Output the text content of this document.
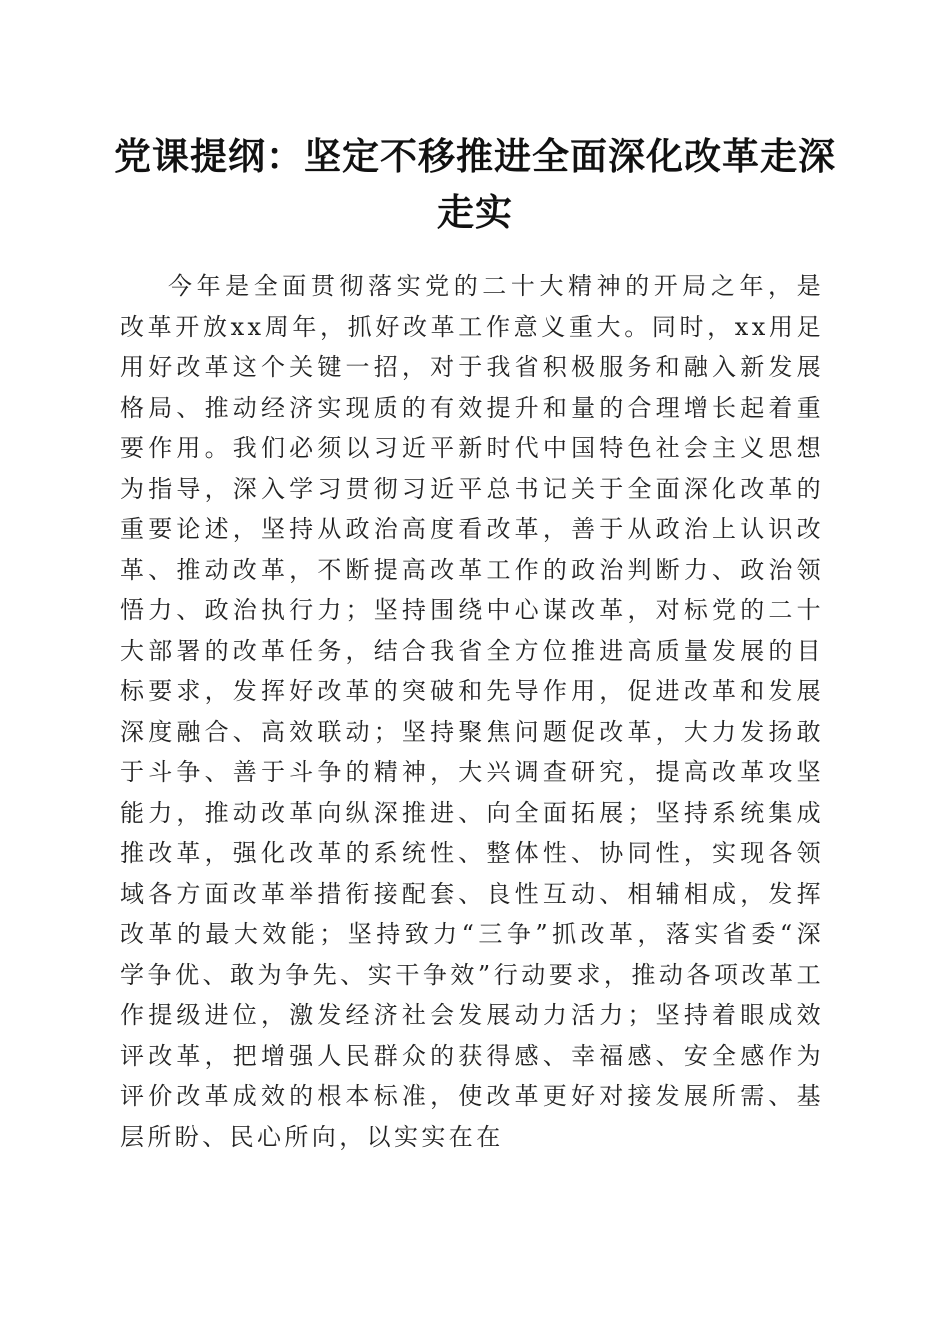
党课提纲：坚定不移推进全面深化改革走深走实

今年是全面贯彻落实党的二十大精神的开局之年，是改革开放xx周年，抓好改革工作意义重大。同时，xx用足用好改革这个关键一招，对于我省积极服务和融入新发展格局、推动经济实现质的有效提升和量的合理增长起着重要作用。我们必须以习近平新时代中国特色社会主义思想为指导，深入学习贯彻习近平总书记关于全面深化改革的重要论述，坚持从政治高度看改革，善于从政治上认识改革、推动改革，不断提高改革工作的政治判断力、政治领悟力、政治执行力；坚持围绕中心谋改革，对标党的二十大部署的改革任务，结合我省全方位推进高质量发展的目标要求，发挥好改革的突破和先导作用，促进改革和发展深度融合、高效联动；坚持聚焦问题促改革，大力发扬敢于斗争、善于斗争的精神，大兴调查研究，提高改革攻坚能力，推动改革向纵深推进、向全面拓展；坚持系统集成推改革，强化改革的系统性、整体性、协同性，实现各领域各方面改革举措衔接配套、良性互动、相辅相成，发挥改革的最大效能；坚持致力“三争”抓改革，落实省委“深学争优、敢为争先、实干争效”行动要求，推动各项改革工作提级进位，激发经济社会发展动力活力；坚持着眼成效评改革，把增强人民群众的获得感、幸福感、安全感作为评价改革成效的根本标准，使改革更好对接发展所需、基层所盼、民心所向，以实实在在
